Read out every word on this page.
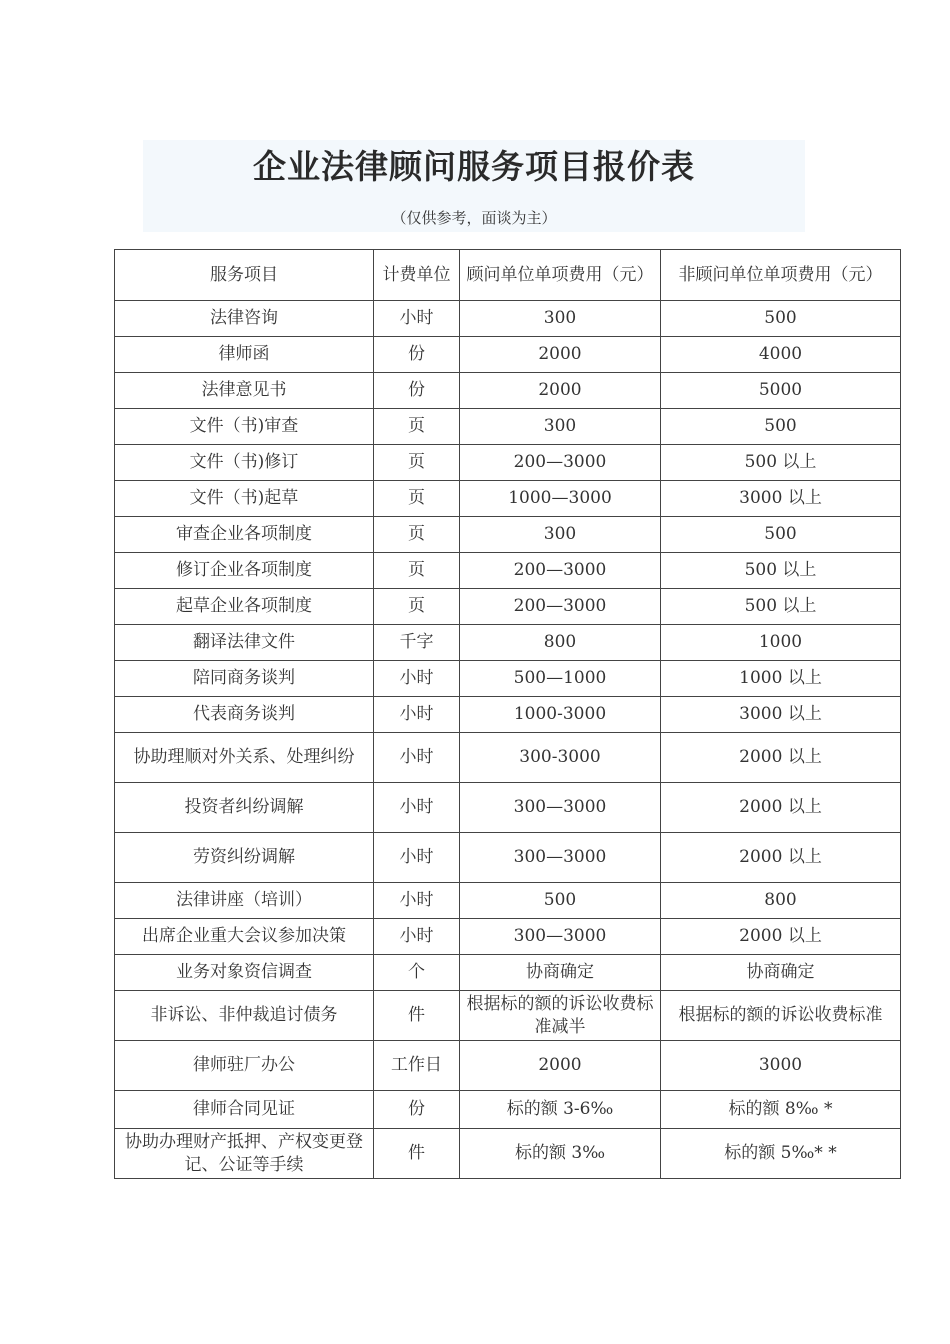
企业法律顾问服务项目报价表
（仅供参考，面谈为主）
服务项目	计费单位	顾问单位单项费用（元）	非顾问单位单项费用（元）
法律咨询	小时	300	500
律师函	份	2000	4000
法律意见书	份	2000	5000
文件（书)审查	页	300	500
文件（书)修订	页	200—3000	500 以上
文件（书)起草	页	1000—3000	3000 以上
审查企业各项制度	页	300	500
修订企业各项制度	页	200—3000	500 以上
起草企业各项制度	页	200—3000	500 以上
翻译法律文件	千字	800	1000
陪同商务谈判	小时	500—1000	1000 以上
代表商务谈判	小时	1000-3000	3000 以上
协助理顺对外关系、处理纠纷	小时	300-3000	2000 以上
投资者纠纷调解	小时	300—3000	2000 以上
劳资纠纷调解	小时	300—3000	2000 以上
法律讲座（培训）	小时	500	800
出席企业重大会议参加决策	小时	300—3000	2000 以上
业务对象资信调查	个	协商确定	协商确定
非诉讼、非仲裁追讨债务	件	根据标的额的诉讼收费标准减半	根据标的额的诉讼收费标准
律师驻厂办公	工作日	2000	3000
律师合同见证	份	标的额 3-6‰	标的额 8‰ *
协助办理财产抵押、产权变更登记、公证等手续	件	标的额 3‰	标的额 5‰* *
